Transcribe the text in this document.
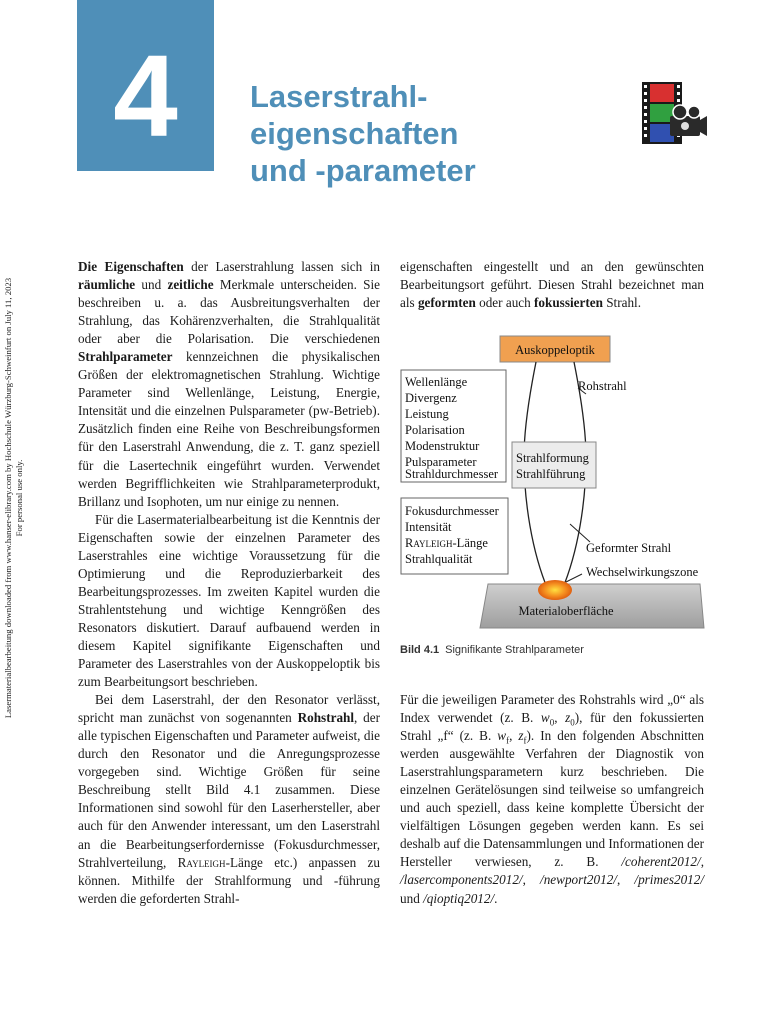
4	Laserstrahl-
eigenschaften
und -parameter
Lasermaterialbearbeitung downloaded from www.hanser-elibrary.com by Hochschule Würzburg-Schweinfurt on July 11, 2023 For personal use only.

Die Eigenschaften der Laserstrahlung lassen sich in räumliche und zeitliche Merkmale unterscheiden. Sie beschreiben u. a. das Ausbreitungsverhalten der Strahlung, das Kohärenzverhalten, die Strahlqualität oder aber die Polarisation. Die verschiedenen Strahlparameter kennzeichnen die physikalischen Größen der elektromagnetischen Strahlung. Wichtige Parameter sind Wellenlänge, Leistung, Energie, Intensität und die einzelnen Pulsparameter (pw-Betrieb). Zusätzlich finden eine Reihe von Beschreibungsformen für den Laserstrahl Anwendung, die z. T. ganz speziell für die Lasertechnik eingeführt wurden. Verwendet werden Begrifflichkeiten wie Strahlparameterprodukt, Brillanz und Isophoten, um nur einige zu nennen.

Für die Lasermaterialbearbeitung ist die Kenntnis der Eigenschaften sowie der einzelnen Parameter des Laserstrahles eine wichtige Voraussetzung für die Optimierung und die Reproduzierbarkeit des Bearbeitungsprozesses. Im zweiten Kapitel wurden die Strahlentstehung und wichtige Kenngrößen des Resonators diskutiert. Darauf aufbauend werden in diesem Kapitel signifikante Eigenschaften und Parameter des Laserstrahles von der Auskoppeloptik bis zum Bearbeitungsort beschrieben.

Bei dem Laserstrahl, der den Resonator verlässt, spricht man zunächst von sogenannten Rohstrahl, der alle typischen Eigenschaften und Parameter aufweist, die durch den Resonator und die Anregungsprozesse vorgegeben sind. Wichtige Größen für seine Beschreibung stellt Bild 4.1 zusammen. Diese Informationen sind sowohl für den Laserhersteller, aber auch für den Anwender interessant, um den Laserstrahl an die Bearbeitungserfordernisse (Fokusdurchmesser, Strahlverteilung, Rayleigh-Länge etc.) anpassen zu können. Mithilfe der Strahlformung und -führung werden die geforderten Strahl-

eigenschaften eingestellt und an den gewünschten Bearbeitungsort geführt. Diesen Strahl bezeichnet man als geformten oder auch fokussierten Strahl.

Auskoppeloptik
Wellenlänge
Divergenz
Leistung
Polarisation
Modenstruktur
Pulsparameter
Strahldurchmesser
Rohstrahl
Strahlformung
Strahlführung
Fokusdurchmesser
Intensität
Rayleigh-Länge
Strahlqualität
Geformter Strahl
Wechselwirkungszone
Materialoberfläche
Bild 4.1 Signifikante Strahlparameter

Für die jeweiligen Parameter des Rohstrahls wird „0“ als Index verwendet (z. B. $w_0$, $z_0$), für den fokussierten Strahl „f“ (z. B. $w_f$, $z_f$). In den folgenden Abschnitten werden ausgewählte Verfahren der Diagnostik von Laserstrahlungsparametern kurz beschrieben. Die einzelnen Gerätelösungen sind teilweise so umfangreich und auch speziell, dass keine komplette Übersicht der vielfältigen Lösungen gegeben werden kann. Es sei deshalb auf die Datensammlungen und Informationen der Hersteller verwiesen, z. B. /coherent2012/, /lasercomponents2012/, /newport2012/, /primes2012/ und /qioptiq2012/.
